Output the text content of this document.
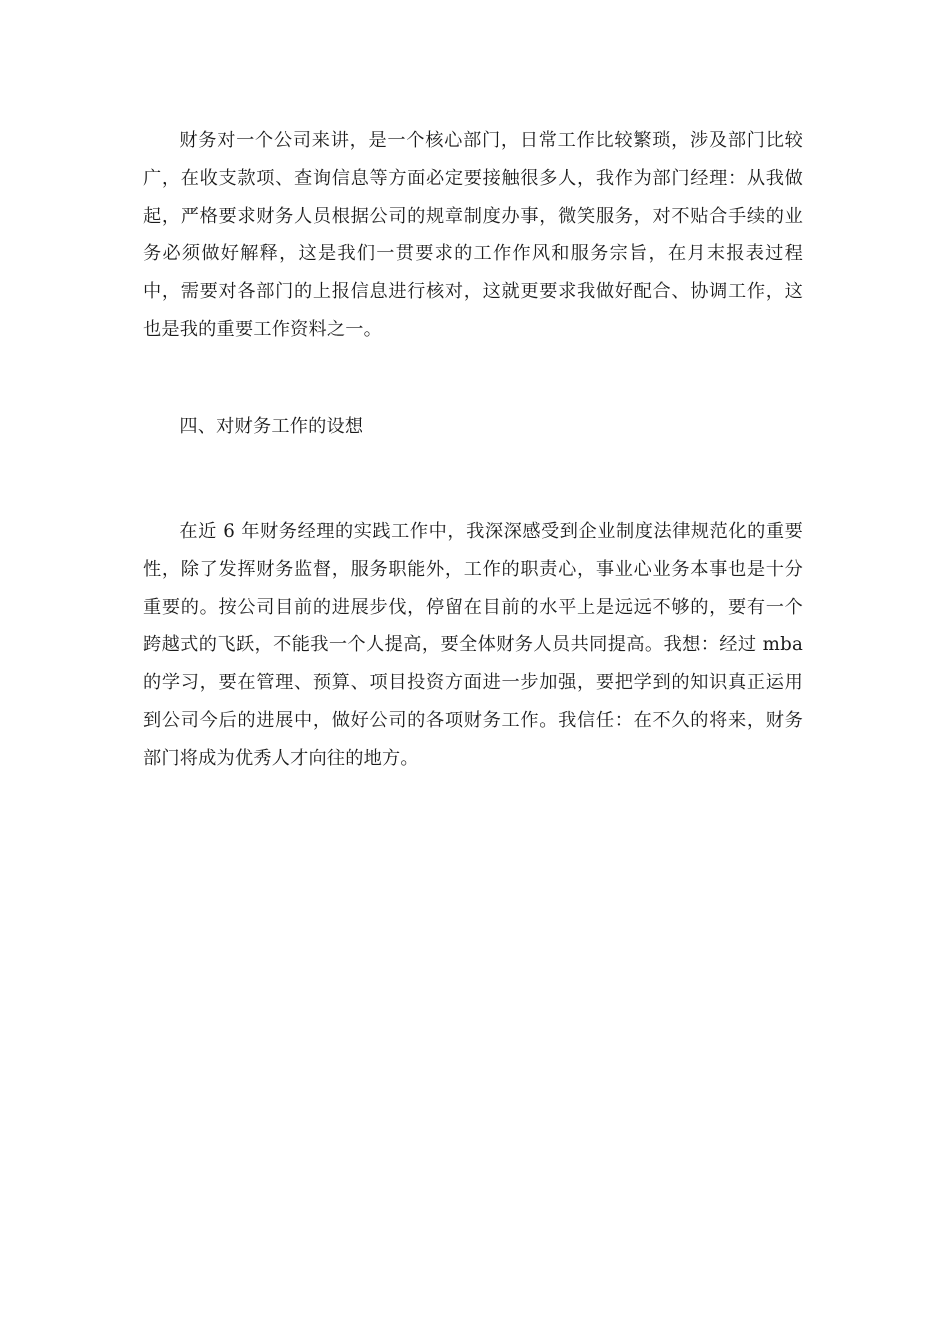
财务对一个公司来讲，是一个核心部门，日常工作比较繁琐，涉及部门比较广，在收支款项、查询信息等方面必定要接触很多人，我作为部门经理：从我做起，严格要求财务人员根据公司的规章制度办事，微笑服务，对不贴合手续的业务必须做好解释，这是我们一贯要求的工作作风和服务宗旨，在月末报表过程中，需要对各部门的上报信息进行核对，这就更要求我做好配合、协调工作，这也是我的重要工作资料之一。

四、对财务工作的设想

在近 6 年财务经理的实践工作中，我深深感受到企业制度法律规范化的重要性，除了发挥财务监督，服务职能外，工作的职责心，事业心业务本事也是十分重要的。按公司目前的进展步伐，停留在目前的水平上是远远不够的，要有一个跨越式的飞跃，不能我一个人提高，要全体财务人员共同提高。我想：经过 mba 的学习，要在管理、预算、项目投资方面进一步加强，要把学到的知识真正运用到公司今后的进展中，做好公司的各项财务工作。我信任：在不久的将来，财务部门将成为优秀人才向往的地方。
